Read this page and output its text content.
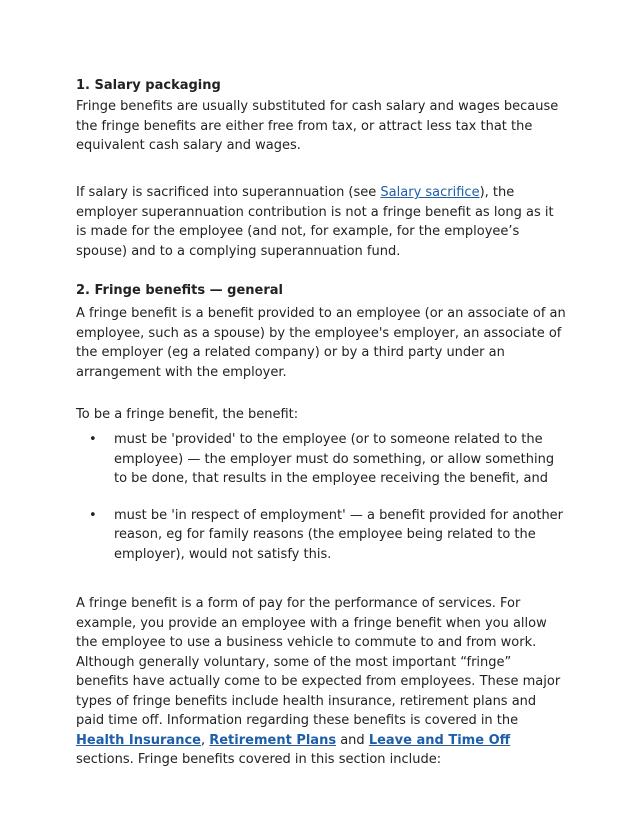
1. Salary packaging

Fringe benefits are usually substituted for cash salary and wages because the fringe benefits are either free from tax, or attract less tax that the equivalent cash salary and wages.

If salary is sacrificed into superannuation (see Salary sacrifice), the employer superannuation contribution is not a fringe benefit as long as it is made for the employee (and not, for example, for the employee’s spouse) and to a complying superannuation fund.

2. Fringe benefits — general

A fringe benefit is a benefit provided to an employee (or an associate of an employee, such as a spouse) by the employee's employer, an associate of the employer (eg a related company) or by a third party under an arrangement with the employer.

To be a fringe benefit, the benefit:

• must be 'provided' to the employee (or to someone related to the employee) — the employer must do something, or allow something to be done, that results in the employee receiving the benefit, and
• must be 'in respect of employment' — a benefit provided for another reason, eg for family reasons (the employee being related to the employer), would not satisfy this.

A fringe benefit is a form of pay for the performance of services. For example, you provide an employee with a fringe benefit when you allow the employee to use a business vehicle to commute to and from work. Although generally voluntary, some of the most important “fringe” benefits have actually come to be expected from employees. These major types of fringe benefits include health insurance, retirement plans and paid time off. Information regarding these benefits is covered in the Health Insurance, Retirement Plans and Leave and Time Off sections. Fringe benefits covered in this section include:
